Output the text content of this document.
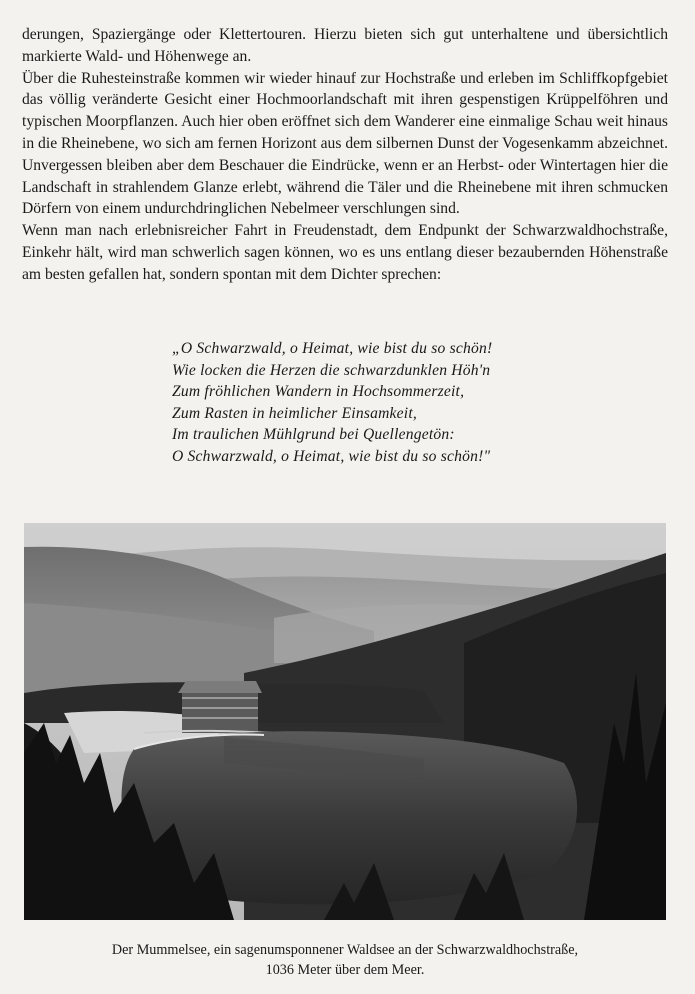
derungen, Spaziergänge oder Klettertouren. Hierzu bieten sich gut unterhaltene und übersichtlich markierte Wald- und Höhenwege an.

Über die Ruhesteinstraße kommen wir wieder hinauf zur Hochstraße und erleben im Schliffkopfgebiet das völlig veränderte Gesicht einer Hochmoorlandschaft mit ihren gespenstigen Krüppelföhren und typischen Moorpflanzen. Auch hier oben eröffnet sich dem Wanderer eine einmalige Schau weit hinaus in die Rheinebene, wo sich am fernen Horizont aus dem silbernen Dunst der Vogesenkamm abzeichnet. Unvergessen bleiben aber dem Beschauer die Eindrücke, wenn er an Herbst- oder Wintertagen hier die Landschaft in strahlendem Glanze erlebt, während die Täler und die Rheinebene mit ihren schmucken Dörfern von einem undurchdringlichen Nebelmeer verschlungen sind.

Wenn man nach erlebnisreicher Fahrt in Freudenstadt, dem Endpunkt der Schwarzwaldhochstraße, Einkehr hält, wird man schwerlich sagen können, wo es uns entlang dieser bezaubernden Höhenstraße am besten gefallen hat, sondern spontan mit dem Dichter sprechen:

„O Schwarzwald, o Heimat, wie bist du so schön!
Wie locken die Herzen die schwarzdunklen Höh'n
Zum fröhlichen Wandern in Hochsommerzeit,
Zum Rasten in heimlicher Einsamkeit,
Im traulichen Mühlgrund bei Quellengetön:
O Schwarzwald, o Heimat, wie bist du so schön!"
Der Mummelsee, ein sagenumsponnener Waldsee an der Schwarzwaldhochstraße,
1036 Meter über dem Meer.
